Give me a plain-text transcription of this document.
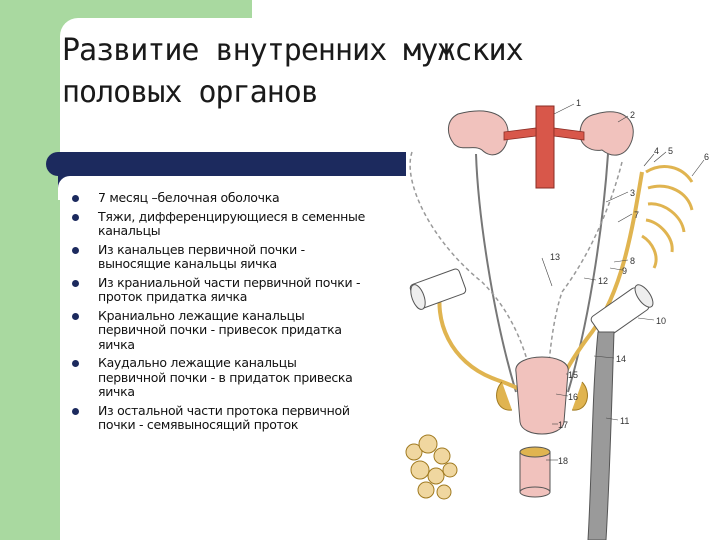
Развитие внутренних мужских
половых органов
7 месяц –белочная оболочка
Тяжи, дифференцирующиеся в семенные канальцы
Из канальцев первичной почки - выносящие канальцы яичка
Из краниальной части первичной почки - проток придатка яичка
Краниально лежащие канальцы первичной почки - привесок придатка яичка
Каудально лежащие канальцы первичной почки - в придаток привеска яичка
Из остальной части протока первичной почки - семявыносящий проток
1
2
3
4 5
6
7
8
9
10
11
12
13
14
15
16
17
18
